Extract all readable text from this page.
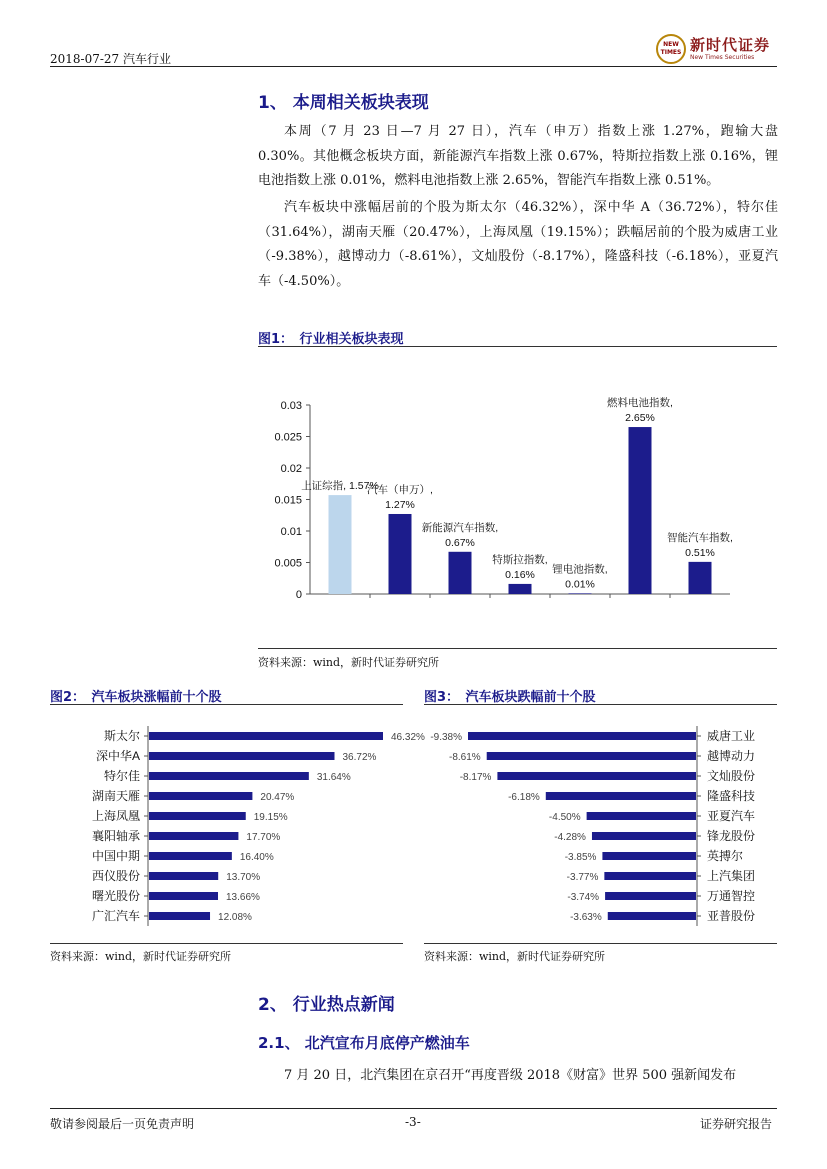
2018-07-27 汽车行业
NEW TIMES 新时代证券
New Times Securities
1、 本周相关板块表现
本周（7 月 23 日—7 月 27 日），汽车（申万）指数上涨 1.27%，跑输大盘 0.30%。其他概念板块方面，新能源汽车指数上涨 0.67%，特斯拉指数上涨 0.16%，锂电池指数上涨 0.01%，燃料电池指数上涨 2.65%，智能汽车指数上涨 0.51%。
汽车板块中涨幅居前的个股为斯太尔（46.32%），深中华 A（36.72%），特尔佳（31.64%），湖南天雁（20.47%），上海凤凰（19.15%）；跌幅居前的个股为威唐工业（-9.38%），越博动力（-8.61%），文灿股份（-8.17%），隆盛科技（-6.18%），亚夏汽车（-4.50%）。
图1：　行业相关板块表现
0
0.005
0.01
0.015
0.02
0.025
0.03
上证综指, 1.57%
汽车（申万）,
1.27%
新能源汽车指数,
0.67%
特斯拉指数,
0.16% 锂电池指数,
0.01%
燃料电池指数,
2.65%
智能汽车指数,
0.51%
资料来源：wind，新时代证券研究所
图2：　汽车板块涨幅前十个股
斯太尔	46.32%
深中华A	36.72%
特尔佳	31.64%
湖南天雁	20.47%
上海凤凰	19.15%
襄阳轴承	17.70%
中国中期	16.40%
西仪股份	13.70%
曙光股份	13.66%
广汇汽车	12.08%
资料来源：wind，新时代证券研究所
图3：　汽车板块跌幅前十个股
威唐工业
-9.38%
越博动力
-8.61%
文灿股份
-8.17%
隆盛科技
-6.18%
亚夏汽车
-4.50%
锋龙股份
-4.28%
英搏尔
-3.85%
上汽集团
-3.77%
万通智控
-3.74%
亚普股份
-3.63%
资料来源：wind，新时代证券研究所
2、 行业热点新闻
2.1、 北汽宣布月底停产燃油车
7 月 20 日，北汽集团在京召开“再度晋级 2018《财富》世界 500 强新闻发布
敬请参阅最后一页免责声明	-3-	证券研究报告
